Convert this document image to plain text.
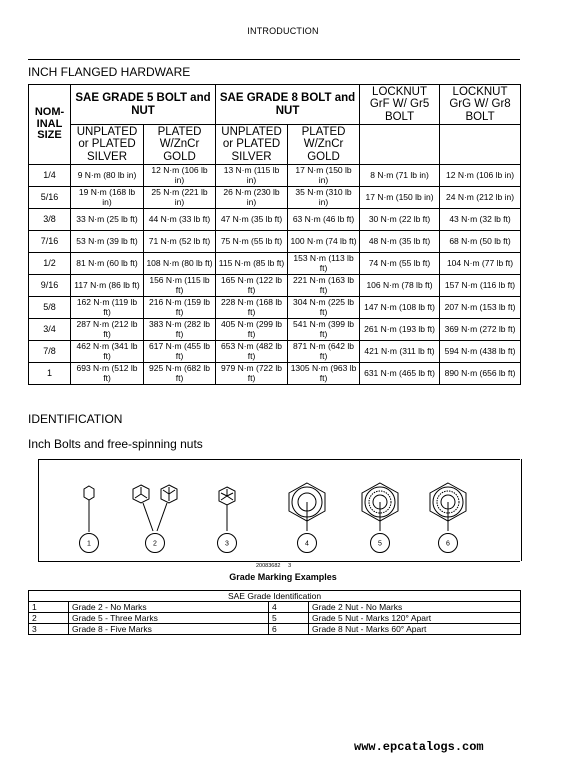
INTRODUCTION
INCH FLANGED HARDWARE
NOM-INAL SIZE	SAE GRADE 5 BOLT and NUT		SAE GRADE 8 BOLT and NUT		LOCKNUT GrF W/ Gr5 BOLT	LOCKNUT GrG W/ Gr8 BOLT
	UNPLATED or PLATED SILVER	PLATED W/ZnCr GOLD	UNPLATED or PLATED SILVER	PLATED W/ZnCr GOLD		
1/4	9 N·m (80 lb in)	12 N·m (106 lb in)	13 N·m (115 lb in)	17 N·m (150 lb in)	8 N·m (71 lb in)	12 N·m (106 lb in)
5/16	19 N·m (168 lb in)	25 N·m (221 lb in)	26 N·m (230 lb in)	35 N·m (310 lb in)	17 N·m (150 lb in)	24 N·m (212 lb in)
3/8	33 N·m (25 lb ft)	44 N·m (33 lb ft)	47 N·m (35 lb ft)	63 N·m (46 lb ft)	30 N·m (22 lb ft)	43 N·m (32 lb ft)
7/16	53 N·m (39 lb ft)	71 N·m (52 lb ft)	75 N·m (55 lb ft)	100 N·m (74 lb ft)	48 N·m (35 lb ft)	68 N·m (50 lb ft)
1/2	81 N·m (60 lb ft)	108 N·m (80 lb ft)	115 N·m (85 lb ft)	153 N·m (113 lb ft)	74 N·m (55 lb ft)	104 N·m (77 lb ft)
9/16	117 N·m (86 lb ft)	156 N·m (115 lb ft)	165 N·m (122 lb ft)	221 N·m (163 lb ft)	106 N·m (78 lb ft)	157 N·m (116 lb ft)
5/8	162 N·m (119 lb ft)	216 N·m (159 lb ft)	228 N·m (168 lb ft)	304 N·m (225 lb ft)	147 N·m (108 lb ft)	207 N·m (153 lb ft)
3/4	287 N·m (212 lb ft)	383 N·m (282 lb ft)	405 N·m (299 lb ft)	541 N·m (399 lb ft)	261 N·m (193 lb ft)	369 N·m (272 lb ft)
7/8	462 N·m (341 lb ft)	617 N·m (455 lb ft)	653 N·m (482 lb ft)	871 N·m (642 lb ft)	421 N·m (311 lb ft)	594 N·m (438 lb ft)
1	693 N·m (512 lb ft)	925 N·m (682 lb ft)	979 N·m (722 lb ft)	1305 N·m (963 lb ft)	631 N·m (465 lb ft)	890 N·m (656 lb ft)
IDENTIFICATION
Inch Bolts and free-spinning nuts
1	2	3	4	5	6
20083682 3
Grade Marking Examples
SAE Grade Identification			
1	Grade 2 - No Marks	4	Grade 2 Nut - No Marks
2	Grade 5 - Three Marks	5	Grade 5 Nut - Marks 120° Apart
3	Grade 8 - Five Marks	6	Grade 8 Nut - Marks 60° Apart
www.epcatalogs.com
